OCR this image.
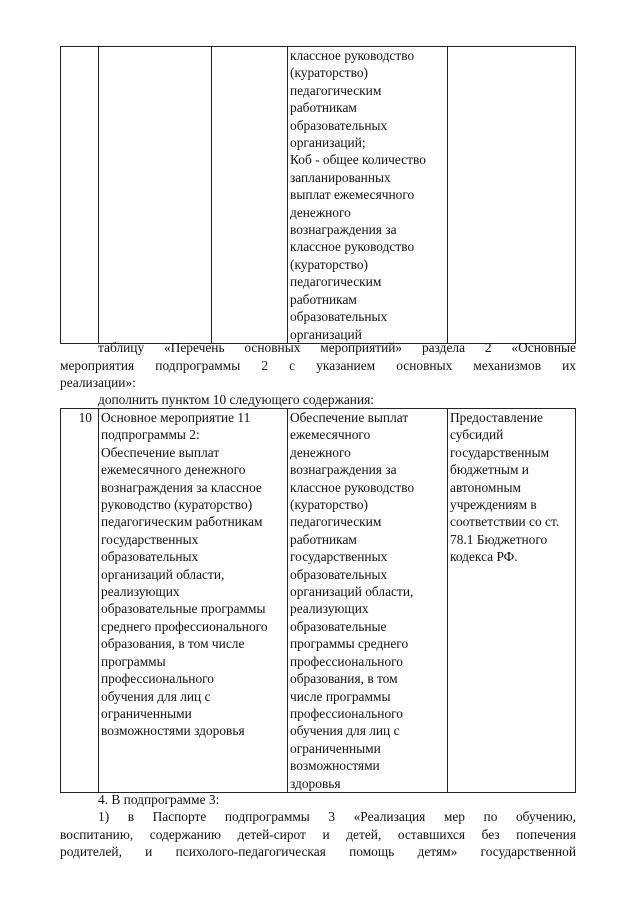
классное руководство
(кураторство)
педагогическим
работникам
образовательных
организаций;
Коб - общее количество
запланированных
выплат ежемесячного
денежного
вознаграждения за
классное руководство
(кураторство)
педагогическим
работникам
образовательных
организаций

таблицу «Перечень основных мероприятий» раздела 2 «Основные
мероприятия подпрограммы 2 с указанием основных механизмов их
реализации»:
дополнить пунктом 10 следующего содержания:
10	Основное мероприятие 11
подпрограммы 2:
Обеспечение выплат
ежемесячного денежного
вознаграждения за классное
руководство (кураторство)
педагогическим работникам
государственных
образовательных
организаций области,
реализующих
образовательные программы
среднего профессионального
образования, в том числе
программы
профессионального
обучения для лиц с
ограниченными
возможностями здоровья

Обеспечение выплат
ежемесячного
денежного
вознаграждения за
классное руководство
(кураторство)
педагогическим
работникам
государственных
образовательных
организаций области,
реализующих
образовательные
программы среднего
профессионального
образования, в том
числе программы
профессионального
обучения для лиц с
ограниченными
возможностями
здоровья

Предоставление
субсидий
государственным
бюджетным и
автономным
учреждениям в
соответствии со ст.
78.1 Бюджетного
кодекса РФ.
4. В подпрограмме 3:
1) в Паспорте подпрограммы 3 «Реализация мер по обучению,
воспитанию, содержанию детей-сирот и детей, оставшихся без попечения
родителей, и психолого-педагогическая помощь детям» государственной
